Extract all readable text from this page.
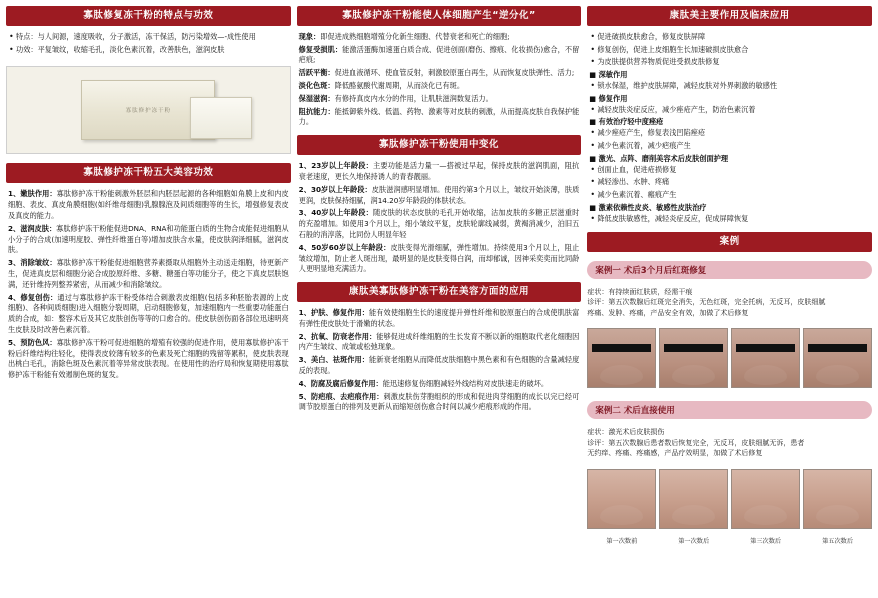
寡肽修复冻干粉的特点与功效
• 特点：与人间源，速度吸收，分子激活，冻干保活，防污染增效—-成性使用
• 功效：平复皱纹，收缩毛孔，淡化色素沉着，改善肤色，滋润皮肤
寡肽修护冻干粉
寡肽修护冻干粉五大美容功效
1、嫩肤作用：寡肽修护冻干粉能刺激外胚层和内胚层起源的各种细胞如角膜上皮和内皮细胞、表皮、真皮角膜细胞(如纤维母细胞)乳腺腺泡及间质细胞等的生长，增强修复表皮及真皮的能力。
2、滋润皮肤：寡肽修护冻干粉能促进DNA、RNA和功能蛋白质的生物合成能促进细胞从小分子的合成(加速明度胶、弹性纤维蛋白等)增加皮肤含水量，使皮肤润泽细腻，滋润皮肤。
3、消除皱纹：寡肽修护冻干粉能促进细胞营养素摄取从细胞外主动送走细胞，待更新产生，促进真皮层和细胞分泌合成胶原纤维、多糖、糖蛋白等功能分子，使之下真皮层肤饱满，还针维持列整养紧密，从而减少和消除皱纹。
4、修复创伤：通过与寡肽修护冻干粉受体结合刺激表皮细胞(包括多种胚胎表源的上皮细胞)、各种间质细胞)进入细胞分裂周期，启动细胞修复，加速细胞内一些重要功能蛋白质的合成，如：整容术后及其它皮肤创伤等等的口愈合的。使皮肤创伤面各部位迅速明亮生皮肤及时改善色素沉着。
5、预防色风：寡肽修护冻干粉可促进细胞的增殖有较强的促进作用，使用寡肽修护冻干粉后纤维结构往轻化，使得表皮较薄有较多的色素及死亡细胞的残留等累积，使皮肤表现出桃白毛孔，消除色斑及色素沉着等异常皮肤表现。在使用性的治疗局和恢复期使用寡肽修护冻干粉能有效遏制色斑的复发。
寡肽修护冻干粉能使人体细胞产生“逆分化”
现象：即促进成熟细胞增殖分化新生细胞、代替衰老和死亡的细胞;
修复受损肌：能激活蛋酶加速蛋白质合成、促进创面(磨伤、擦痕、化妆损伤)愈合，不留疤痕;
活跃平衡：促进血液循环、使血管反射，刺激胶原蛋白再生，从而恢复皮肤弹性、活力;
淡化色斑：降低酪氨酸代谢周期，从而淡化已有斑。
保湿滋润：有修持真皮内水分的作用，让肌肤滋润数复活力。
阻抗能力：能抵御紫外线、低温、药物、激素等对皮肤的刺激，从而提高皮肤自我保护能力。
寡肽修护冻干粉使用中变化
1、23岁以上年龄段：主要功能是活力量一—搭被过早起，保持皮肤的滋润肌面，阻抗衰老速度，更长久地保持诱人的青春靓丽。
2、30岁以上年龄段：皮肤滋润感明显增加。使用约第3个月以上，皱纹开始淡薄，肤质更润，皮肤保持细腻，润14.20岁年龄段的体肤状态。
3、40岁以上年龄段：随皮肤的状态皮肤的毛孔开始收缩，沽加皮肤的多糖正层滋重时的充盈增加。如使用3个月以上，细小皱纹平复，皮肤轮廓线减弱，黄褐消减少，泊旧五石般的消淳落，比同份人明显年轻
4、50岁60岁以上年龄段：皮肤变得光滑细腻，弹性增加。持续使用3个月以上，阻止皱纹增加，防止老人斑出现，最明显的是皮肤变得白润，而却郁诚，因神采奕奕而比同龄人更明显地充满活力。
康肽美寡肽修护冻干粉在美容方面的应用
1、护肤、修复作用：能有效使细胞生长的速度提升弹性纤维和胶原蛋白的合成使肌肤富有弹性使皮肤处于滑嫩的状态。
2、抗氧、防衰老作用：能够促进成纤维细胞的生长发育不断以新的细胞取代老化细胞因内产生皱纹、成皱或松弛现象。
3、美白、祛斑作用：能新衰老细胞从而降低皮肤细胞中黑色素和有色细胞的含量减轻度反的表现。
4、防腐及腐后修复作用：能迅速修复伤细胞减轻外线结构对皮肤速走的破坏。
5、防疤痕、去疤痕作用：刺激皮肤伤芽胞组织的形成和促进肉芽细胞的成长以完已经可调节胶原蛋白的排列及更新从而缩短创伤愈合时间以减少疤痕形成的作用。
康肽美主要作用及临床应用
• 促进破损皮肤愈合，修复皮肤屏障
• 修复创伤，促进上皮细胞生长加速破损皮肤愈合
• 为皮肤提供营养物质促进受损皮肤修复
■ 深敏作用
• 锁水保湿，维护皮肤屏障，减轻皮肤对外界刺激的敏感性
■ 修复作用
• 减轻皮肤炎症反应，减少痤疮产生，防治色素沉着
■ 有效治疗轻中度痤疮
• 减少痤疮产生，修复表浅凹陷痤疮
• 减少色素沉着，减少疤痕产生
■ 激光、点阵、磨削美容术后皮肤创面护理
• 创面止血，促进疮损修复
• 减轻渗出、水肿、疼痛
• 减少色素沉着、瘢痕产生
■ 激素依赖性皮炎、敏感性皮肤治疗
• 降低皮肤敏感性，减轻炎症反应，促成屏障恢复
案例
案例一 术后3个月后红斑修复
症状：有持续面红肤质，经需干痕
诊评：第五次数腺后红斑完全消失，无色红斑，完全托病，无反耳，皮肤细腻
疼痛、发肿、疼痛，产品安全有效，加做了术后修复
案例二 术后直接使用
症状：激光术后皮肤损伤
诊评：第五次数腺后患者数后恢复完全，无反耳，皮肤细腻无诉，患者
无约痒、疼痛、疼痛感，产品疗效明显，加做了术后修复
第一次数前	第一次数后	第三次数后	第五次数后
